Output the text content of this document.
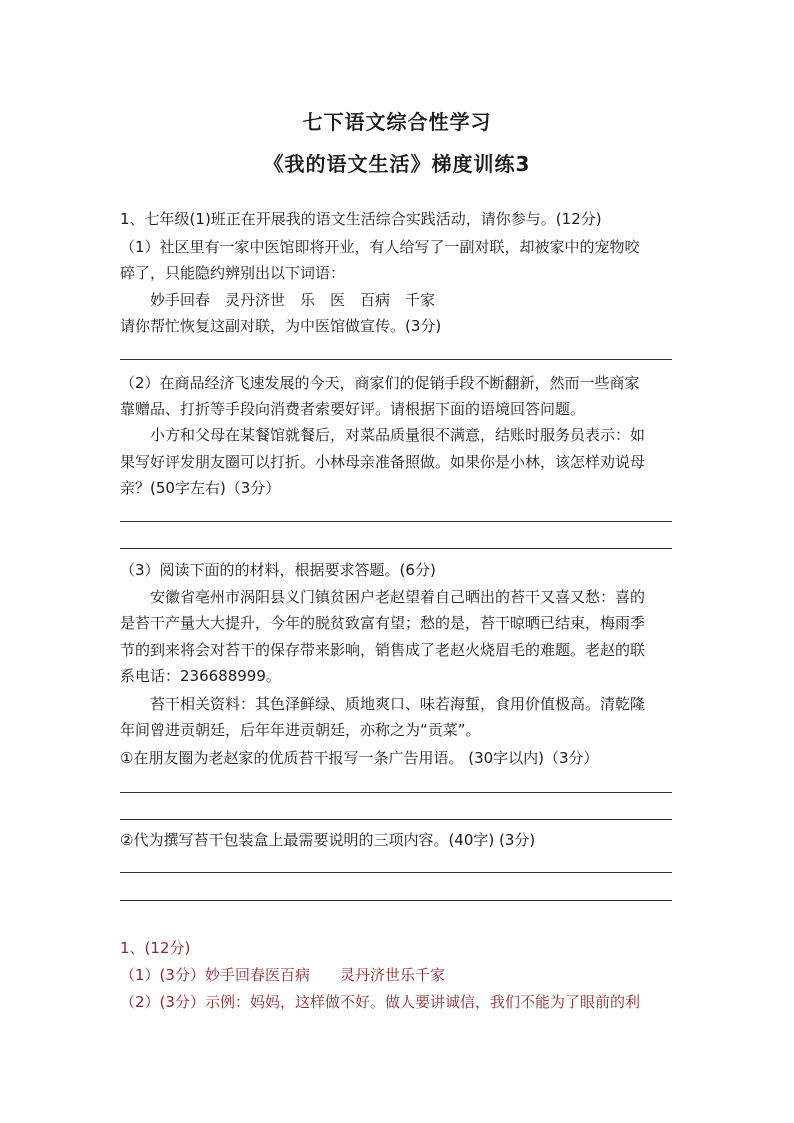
七下语文综合性学习
《我的语文生活》梯度训练3
1、七年级(1)班正在开展我的语文生活综合实践活动，请你参与。(12分)
（1）社区里有一家中医馆即将开业，有人给写了一副对联，却被家中的宠物咬
碎了，只能隐约辨别出以下词语：
妙手回春　灵丹济世　乐　医　百病　千家
请你帮忙恢复这副对联，为中医馆做宣传。(3分)
（2）在商品经济飞速发展的今天，商家们的促销手段不断翻新，然而一些商家
靠赠品、打折等手段向消费者索要好评。请根据下面的语境回答问题。
小方和父母在某餐馆就餐后，对菜品质量很不满意，结账时服务员表示：如
果写好评发朋友圈可以打折。小林母亲准备照做。如果你是小林，该怎样劝说母
亲？(50字左右)（3分）
（3）阅读下面的的材料，根据要求答题。(6分)
安徽省亳州市涡阳县义门镇贫困户老赵望着自己晒出的苔干又喜又愁：喜的
是苔干产量大大提升，今年的脱贫致富有望；愁的是，苔干晾晒已结束，梅雨季
节的到来将会对苔干的保存带来影响，销售成了老赵火烧眉毛的难题。老赵的联
系电话：236688999。
苔干相关资料：其色泽鲜绿、质地爽口、味若海蜇，食用价值极高。清乾隆
年间曾进贡朝廷，后年年进贡朝廷，亦称之为“贡菜”。
①在朋友圈为老赵家的优质苔干报写一条广告用语。 (30字以内)（3分）
②代为撰写苔干包装盒上最需要说明的三项内容。(40字) (3分)
1、(12分)
（1）(3分）妙手回春医百病　　灵丹济世乐千家
（2）(3分）示例：妈妈，这样做不好。做人要讲诚信，我们不能为了眼前的利
